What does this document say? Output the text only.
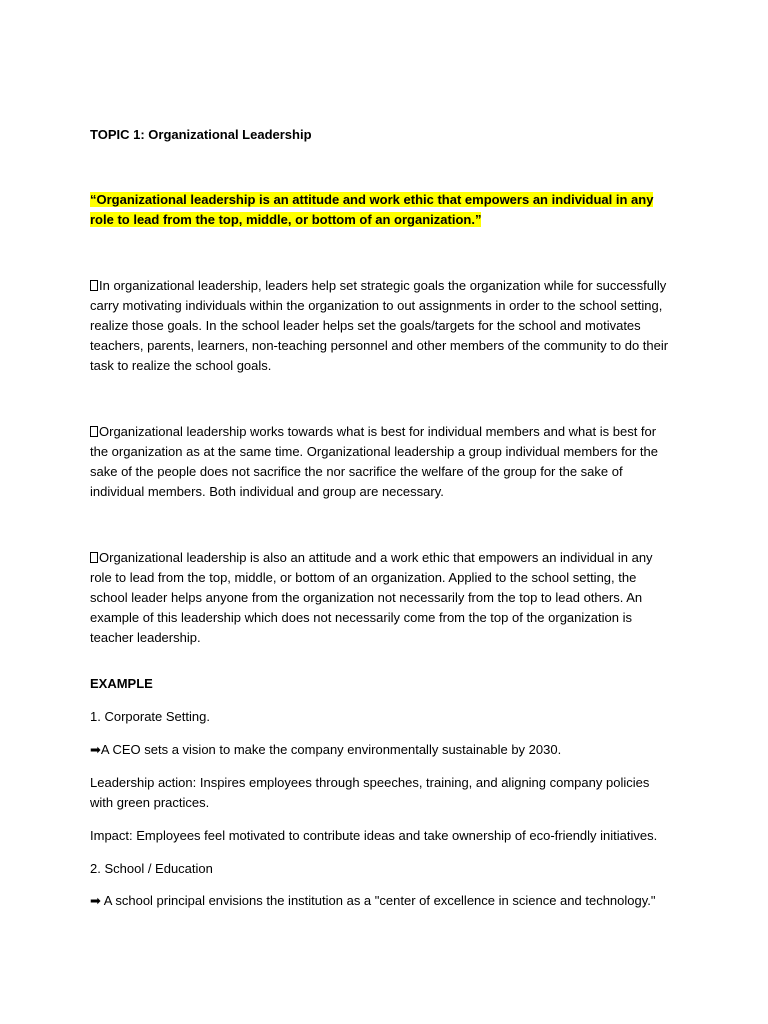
TOPIC 1: Organizational Leadership

“Organizational leadership is an attitude and work ethic that empowers an individual in any role to lead from the top, middle, or bottom of an organization.”

In organizational leadership, leaders help set strategic goals the organization while for successfully carry motivating individuals within the organization to out assignments in order to the school setting, realize those goals. In the school leader helps set the goals/targets for the school and motivates teachers, parents, learners, non-teaching personnel and other members of the community to do their task to realize the school goals.

Organizational leadership works towards what is best for individual members and what is best for the organization as at the same time. Organizational leadership a group individual members for the sake of the people does not sacrifice the nor sacrifice the welfare of the group for the sake of individual members. Both individual and group are necessary.

Organizational leadership is also an attitude and a work ethic that empowers an individual in any role to lead from the top, middle, or bottom of an organization. Applied to the school setting, the school leader helps anyone from the organization not necessarily from the top to lead others. An example of this leadership which does not necessarily come from the top of the organization is teacher leadership.

EXAMPLE

1. Corporate Setting.

➡A CEO sets a vision to make the company environmentally sustainable by 2030.

Leadership action: Inspires employees through speeches, training, and aligning company policies with green practices.

Impact: Employees feel motivated to contribute ideas and take ownership of eco-friendly initiatives.

2. School / Education

➡ A school principal envisions the institution as a "center of excellence in science and technology."
